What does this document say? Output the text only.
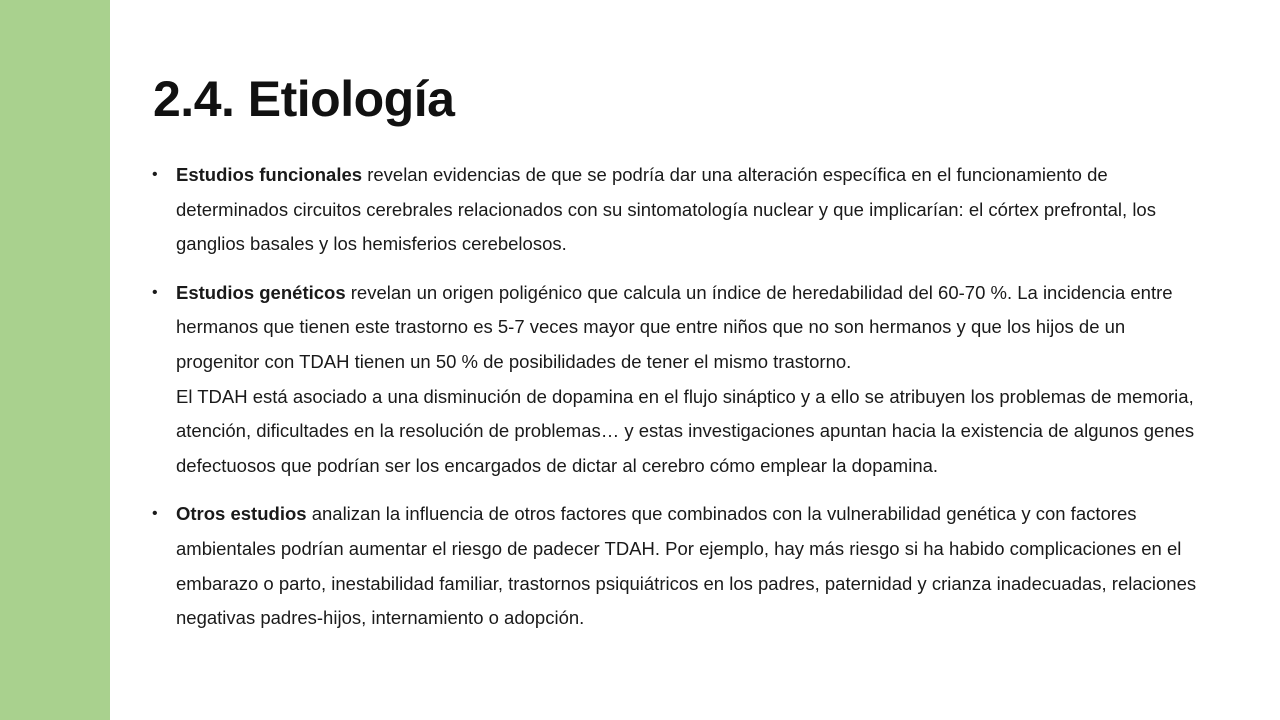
2.4. Etiología
• Estudios funcionales revelan evidencias de que se podría dar una alteración específica en el funcionamiento de determinados circuitos cerebrales relacionados con su sintomatología nuclear y que implicarían: el córtex prefrontal, los ganglios basales y los hemisferios cerebelosos.
• Estudios genéticos revelan un origen poligénico que calcula un índice de heredabilidad del 60-70 %. La incidencia entre hermanos que tienen este trastorno es 5-7 veces mayor que entre niños que no son hermanos y que los hijos de un progenitor con TDAH tienen un 50 % de posibilidades de tener el mismo trastorno.
El TDAH está asociado a una disminución de dopamina en el flujo sináptico y a ello se atribuyen los problemas de memoria, atención, dificultades en la resolución de problemas… y estas investigaciones apuntan hacia la existencia de algunos genes defectuosos que podrían ser los encargados de dictar al cerebro cómo emplear la dopamina.
• Otros estudios analizan la influencia de otros factores que combinados con la vulnerabilidad genética y con factores ambientales podrían aumentar el riesgo de padecer TDAH. Por ejemplo, hay más riesgo si ha habido complicaciones en el embarazo o parto, inestabilidad familiar, trastornos psiquiátricos en los padres, paternidad y crianza inadecuadas, relaciones negativas padres-hijos, internamiento o adopción.
